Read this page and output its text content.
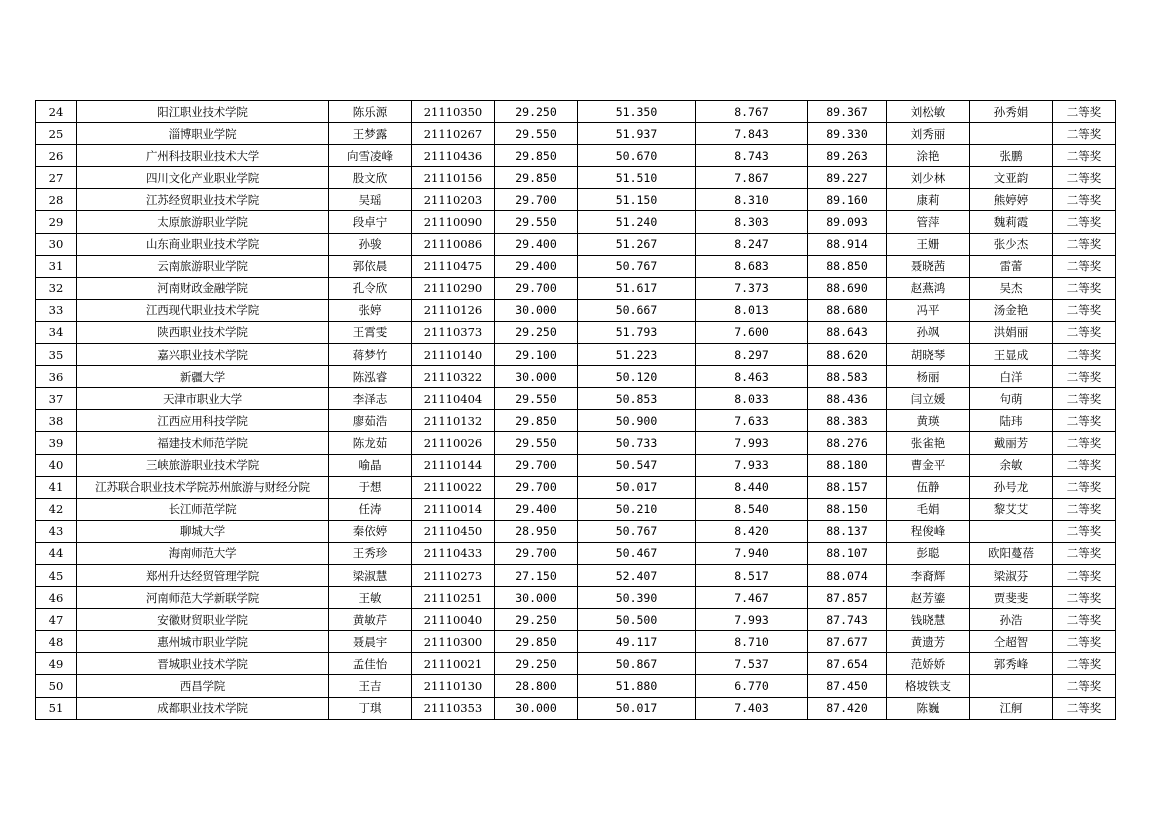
24	阳江职业技术学院	陈乐源	21110350	29.250	51.350	8.767	89.367	刘松敏	孙秀娟	二等奖
25	淄博职业学院	王梦露	21110267	29.550	51.937	7.843	89.330	刘秀丽		二等奖
26	广州科技职业技术大学	向雪凌峰	21110436	29.850	50.670	8.743	89.263	涂艳	张鹏	二等奖
27	四川文化产业职业学院	股文欣	21110156	29.850	51.510	7.867	89.227	刘少林	文亚韵	二等奖
28	江苏经贸职业技术学院	吴瑶	21110203	29.700	51.150	8.310	89.160	康莉	熊婷婷	二等奖
29	太原旅游职业学院	段卓宁	21110090	29.550	51.240	8.303	89.093	管萍	魏莉霞	二等奖
30	山东商业职业技术学院	孙骏	21110086	29.400	51.267	8.247	88.914	王姗	张少杰	二等奖
31	云南旅游职业学院	郭依晨	21110475	29.400	50.767	8.683	88.850	聂晓茜	雷蕾	二等奖
32	河南财政金融学院	孔令欣	21110290	29.700	51.617	7.373	88.690	赵燕鸿	吴杰	二等奖
33	江西现代职业技术学院	张婷	21110126	30.000	50.667	8.013	88.680	冯平	汤金艳	二等奖
34	陕西职业技术学院	王霄雯	21110373	29.250	51.793	7.600	88.643	孙飒	洪娟丽	二等奖
35	嘉兴职业技术学院	蒋梦竹	21110140	29.100	51.223	8.297	88.620	胡晓琴	王显成	二等奖
36	新疆大学	陈泓睿	21110322	30.000	50.120	8.463	88.583	杨丽	白洋	二等奖
37	天津市职业大学	李泽志	21110404	29.550	50.853	8.033	88.436	闫立媛	句萌	二等奖
38	江西应用科技学院	廖茹浩	21110132	29.850	50.900	7.633	88.383	黄瑛	陆玮	二等奖
39	福建技术师范学院	陈龙茹	21110026	29.550	50.733	7.993	88.276	张雀艳	戴丽芳	二等奖
40	三峡旅游职业技术学院	喻晶	21110144	29.700	50.547	7.933	88.180	曹金平	余敏	二等奖
41	江苏联合职业技术学院苏州旅游与财经分院	于想	21110022	29.700	50.017	8.440	88.157	伍静	孙号龙	二等奖
42	长江师范学院	任涛	21110014	29.400	50.210	8.540	88.150	毛娟	黎艾艾	二等奖
43	聊城大学	秦依婷	21110450	28.950	50.767	8.420	88.137	程俊峰		二等奖
44	海南师范大学	王秀珍	21110433	29.700	50.467	7.940	88.107	彭聪	欧阳蔓蓓	二等奖
45	郑州升达经贸管理学院	梁淑慧	21110273	27.150	52.407	8.517	88.074	李裔辉	梁淑芬	二等奖
46	河南师范大学新联学院	王敏	21110251	30.000	50.390	7.467	87.857	赵芳鎏	贾斐斐	二等奖
47	安徽财贸职业学院	黄敏芹	21110040	29.250	50.500	7.993	87.743	钱晓慧	孙浩	二等奖
48	惠州城市职业学院	聂晨宇	21110300	29.850	49.117	8.710	87.677	黄遗芳	仝超智	二等奖
49	晋城职业技术学院	孟佳怡	21110021	29.250	50.867	7.537	87.654	范娇娇	郭秀峰	二等奖
50	西昌学院	王吉	21110130	28.800	51.880	6.770	87.450	格坡铁支		二等奖
51	成都职业技术学院	丁琪	21110353	30.000	50.017	7.403	87.420	陈巍	江舸	二等奖
